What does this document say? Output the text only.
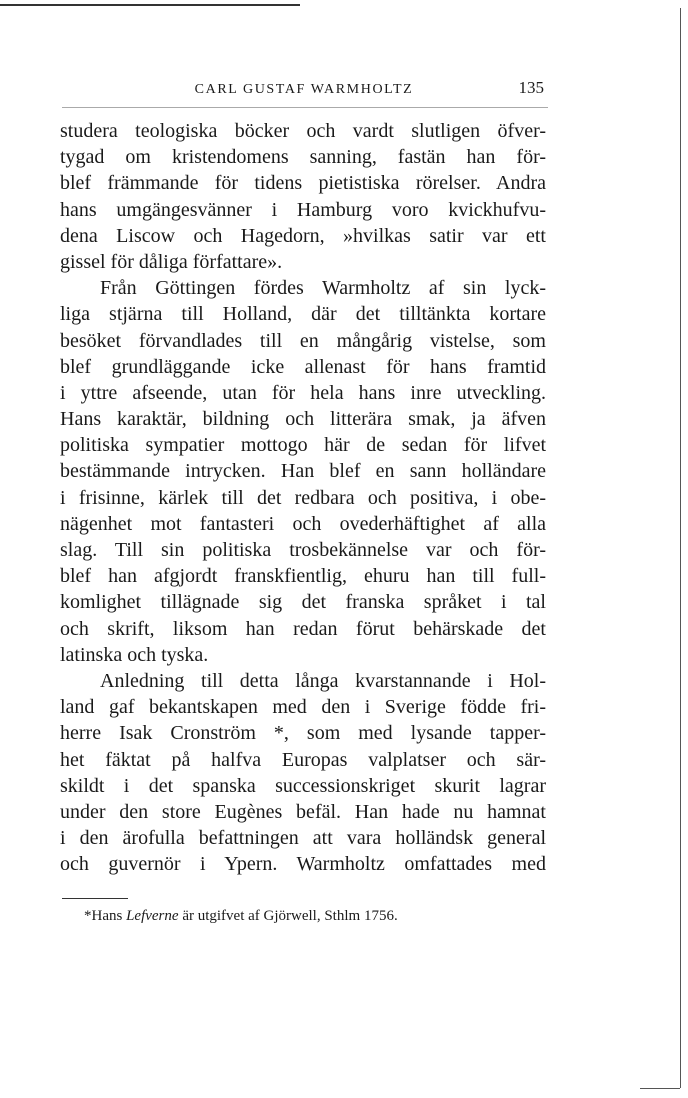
CARL GUSTAF WARMHOLTZ	135
studera teologiska böcker och vardt slutligen öfver-
tygad om kristendomens sanning, fastän han för-
blef främmande för tidens pietistiska rörelser. Andra
hans umgängesvänner i Hamburg voro kvickhufvu-
dena Liscow och Hagedorn, »hvilkas satir var ett
gissel för dåliga författare».
Från Göttingen fördes Warmholtz af sin lyck-
liga stjärna till Holland, där det tilltänkta kortare
besöket förvandlades till en mångårig vistelse, som
blef grundläggande icke allenast för hans framtid
i yttre afseende, utan för hela hans inre utveckling.
Hans karaktär, bildning och litterära smak, ja äfven
politiska sympatier mottogo här de sedan för lifvet
bestämmande intrycken. Han blef en sann holländare
i frisinne, kärlek till det redbara och positiva, i obe-
nägenhet mot fantasteri och ovederhäftighet af alla
slag. Till sin politiska trosbekännelse var och för-
blef han afgjordt franskfientlig, ehuru han till full-
komlighet tillägnade sig det franska språket i tal
och skrift, liksom han redan förut behärskade det
latinska och tyska.
Anledning till detta långa kvarstannande i Hol-
land gaf bekantskapen med den i Sverige födde fri-
herre Isak Cronström *, som med lysande tapper-
het fäktat på halfva Europas valplatser och sär-
skildt i det spanska successionskriget skurit lagrar
under den store Eugènes befäl. Han hade nu hamnat
i den ärofulla befattningen att vara holländsk general
och guvernör i Ypern. Warmholtz omfattades med
*Hans Lefverne är utgifvet af Gjörwell, Sthlm 1756.
